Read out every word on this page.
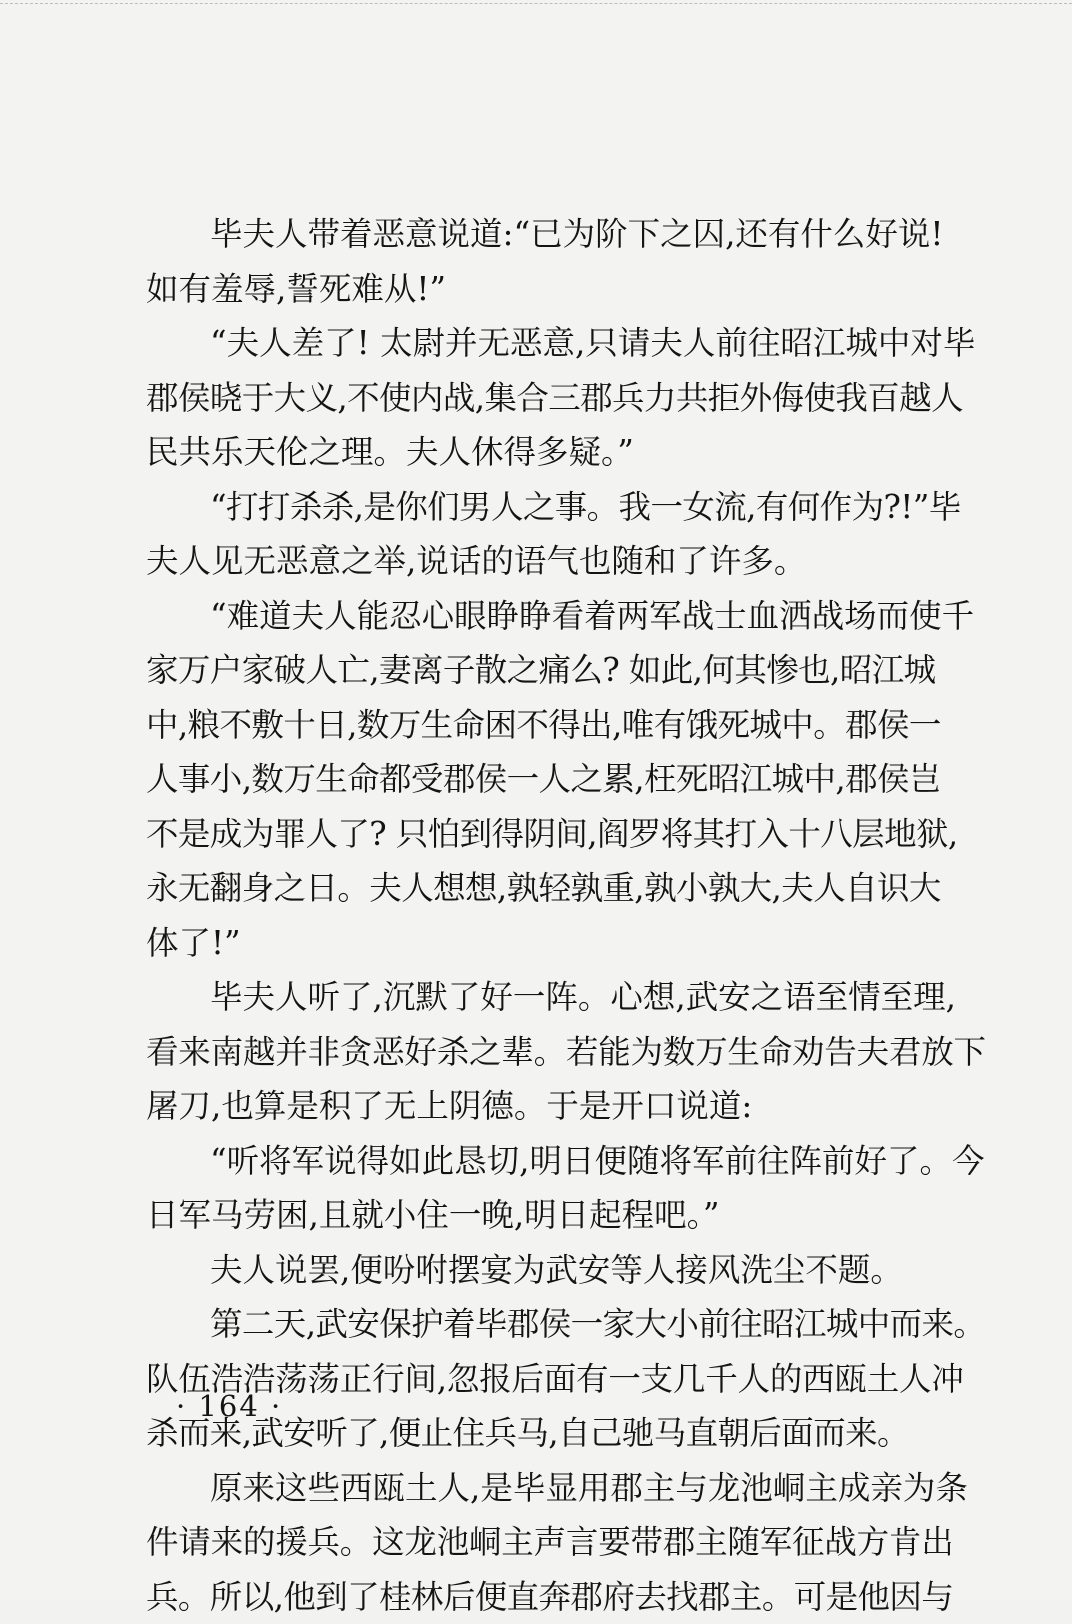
毕夫人带着恶意说道:“已为阶下之囚,还有什么好说!
如有羞辱,誓死难从!”
“夫人差了! 太尉并无恶意,只请夫人前往昭江城中对毕
郡侯晓于大义,不使内战,集合三郡兵力共拒外侮使我百越人
民共乐天伦之理。夫人休得多疑。”
“打打杀杀,是你们男人之事。我一女流,有何作为?!”毕
夫人见无恶意之举,说话的语气也随和了许多。
“难道夫人能忍心眼睁睁看着两军战士血洒战场而使千
家万户家破人亡,妻离子散之痛么? 如此,何其惨也,昭江城
中,粮不敷十日,数万生命困不得出,唯有饿死城中。郡侯一
人事小,数万生命都受郡侯一人之累,枉死昭江城中,郡侯岂
不是成为罪人了? 只怕到得阴间,阎罗将其打入十八层地狱,
永无翻身之日。夫人想想,孰轻孰重,孰小孰大,夫人自识大
体了!”
毕夫人听了,沉默了好一阵。心想,武安之语至情至理,
看来南越并非贪恶好杀之辈。若能为数万生命劝告夫君放下
屠刀,也算是积了无上阴德。于是开口说道:
“听将军说得如此恳切,明日便随将军前往阵前好了。今
日军马劳困,且就小住一晚,明日起程吧。”
夫人说罢,便吩咐摆宴为武安等人接风洗尘不题。
第二天,武安保护着毕郡侯一家大小前往昭江城中而来。
队伍浩浩荡荡正行间,忽报后面有一支几千人的西瓯土人冲
杀而来,武安听了,便止住兵马,自己驰马直朝后面而来。
原来这些西瓯土人,是毕显用郡主与龙池峒主成亲为条
件请来的援兵。这龙池峒主声言要带郡主随军征战方肯出
兵。所以,他到了桂林后便直奔郡府去找郡主。可是他因与
· 164 ·
